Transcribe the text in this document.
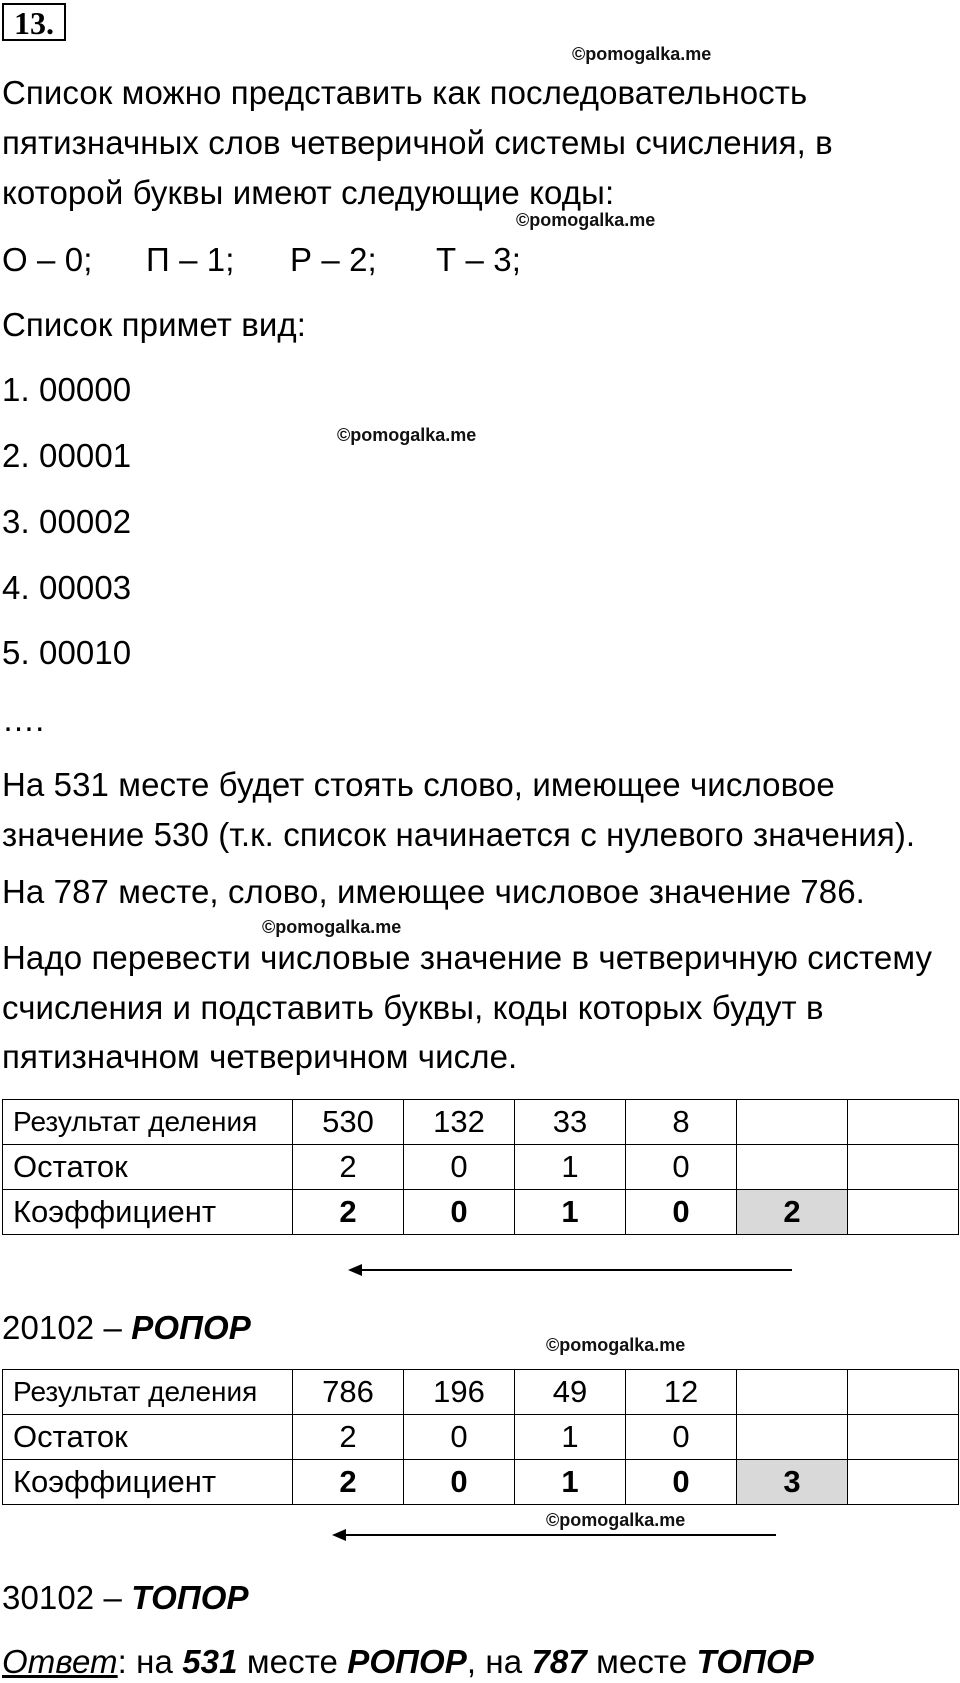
13.
©pomogalka.me
©pomogalka.me
©pomogalka.me
©pomogalka.me
©pomogalka.me
©pomogalka.me
Список можно представить как последовательность
пятизначных слов четверичной системы счисления, в
которой буквы имеют следующие коды:
О – 0; П – 1; Р – 2; Т – 3;
Список примет вид:
1. 00000
2. 00001
3. 00002
4. 00003
5. 00010
….
На 531 месте будет стоять слово, имеющее числовое
значение 530 (т.к. список начинается с нулевого значения).
На 787 месте, слово, имеющее числовое значение 786.
Надо перевести числовые значение в четверичную систему
счисления и подставить буквы, коды которых будут в
пятизначном четверичном числе.
Результат деления	530	132	33	8		
Остаток	2	0	1	0		
Коэффициент	2	0	1	0	2	
20102 – РОПОР
Результат деления	786	196	49	12		
Остаток	2	0	1	0		
Коэффициент	2	0	1	0	3	
30102 – ТОПОР
Ответ: на 531 месте РОПОР, на 787 месте ТОПОР
